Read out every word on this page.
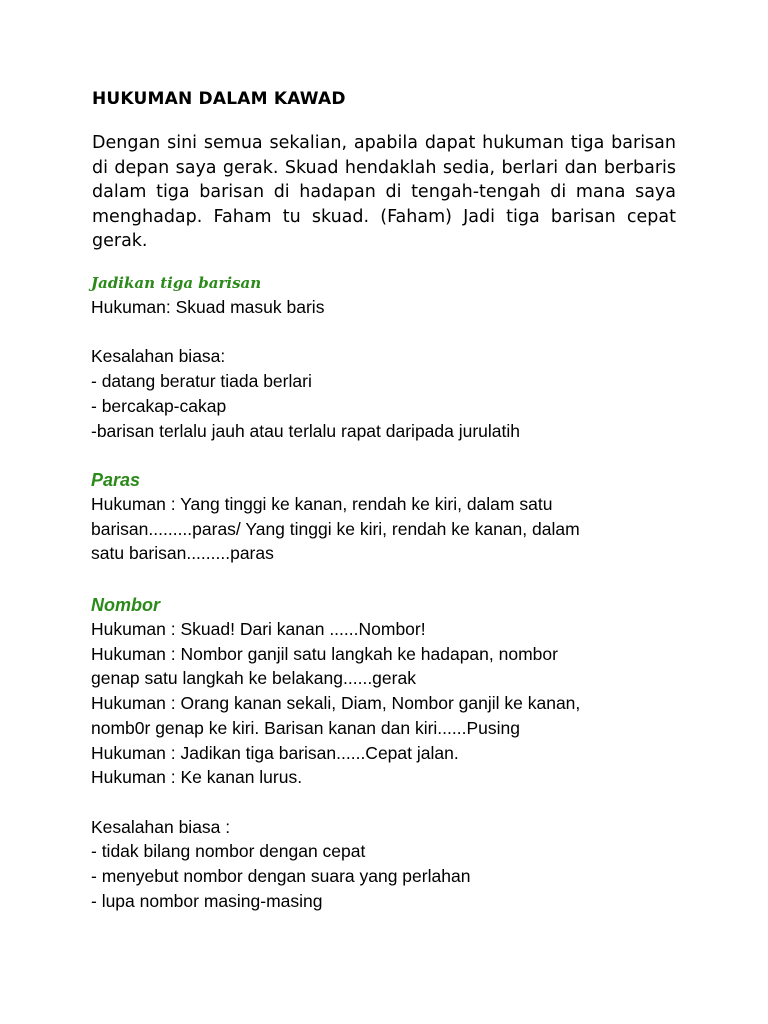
HUKUMAN DALAM KAWAD

Dengan sini semua sekalian, apabila dapat hukuman tiga barisan di depan saya gerak. Skuad hendaklah sedia, berlari dan berbaris dalam tiga barisan di hadapan di tengah-tengah di mana saya menghadap. Faham tu skuad. (Faham) Jadi tiga barisan cepat gerak.

Jadikan tiga barisan

Hukuman: Skuad masuk baris
Kesalahan biasa:
- datang beratur tiada berlari
- bercakap-cakap
-barisan terlalu jauh atau terlalu rapat daripada jurulatih

Paras

Hukuman : Yang tinggi ke kanan, rendah ke kiri, dalam satu
barisan.........paras/ Yang tinggi ke kiri, rendah ke kanan, dalam
satu barisan.........paras

Nombor

Hukuman : Skuad! Dari kanan ......Nombor!
Hukuman : Nombor ganjil satu langkah ke hadapan, nombor
genap satu langkah ke belakang......gerak
Hukuman : Orang kanan sekali, Diam, Nombor ganjil ke kanan,
nomb0r genap ke kiri. Barisan kanan dan kiri......Pusing
Hukuman : Jadikan tiga barisan......Cepat jalan.
Hukuman : Ke kanan lurus.
Kesalahan biasa :
- tidak bilang nombor dengan cepat
- menyebut nombor dengan suara yang perlahan
- lupa nombor masing-masing
